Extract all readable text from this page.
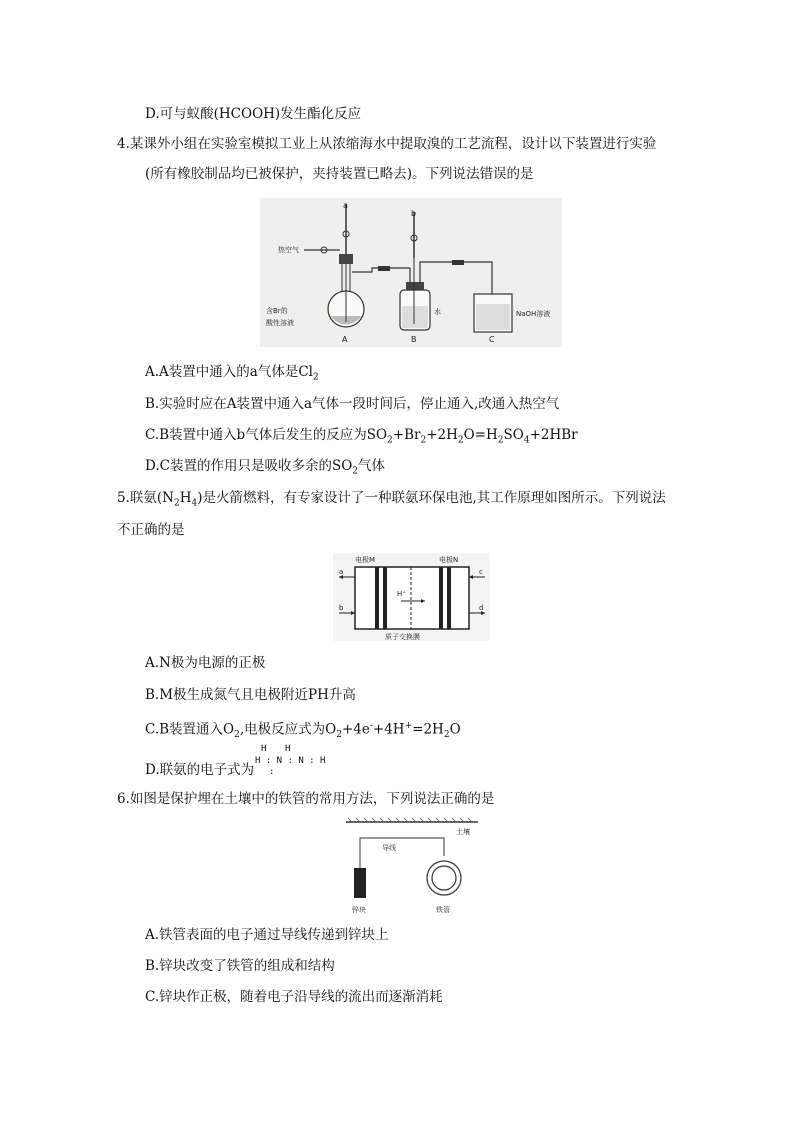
D.可与蚁酸(HCOOH)发生酯化反应
4.某课外小组在实验室模拟工业上从浓缩海水中提取溴的工艺流程，设计以下装置进行实验
(所有橡胶制品均已被保护，夹持装置已略去)。下列说法错误的是
a
热空气
含Br的
酸性溶液
A
b
水
B
NaOH溶液
C
A.A装置中通入的a气体是$Cl_2$
B.实验时应在A装置中通入a气体一段时间后，停止通入,改通入热空气
C.B装置中通入b气体后发生的反应为$SO_2+Br_2+2H_2O=H_2SO_4+2HBr$
D.C装置的作用只是吸收多余的$SO_2$气体
5.联氨$(N_2H_4)$是火箭燃料，有专家设计了一种联氨环保电池,其工作原理如图所示。下列说法
不正确的是
电极M	电极N
H⁺
a
b
c
d
质子交换膜
A.N极为电源的正极
B.M极生成氮气且电极附近PH升高
C.B装置通入$O_2$,电极反应式为$O_2+4e^-+4H^+=2H_2O$
D.联氨的电子式为
H H
H : N : N : H
:
6.如图是保护埋在土壤中的铁管的常用方法，下列说法正确的是
土壤
导线
锌块	铁管
A.铁管表面的电子通过导线传递到锌块上
B.锌块改变了铁管的组成和结构
C.锌块作正极，随着电子沿导线的流出而逐渐消耗
